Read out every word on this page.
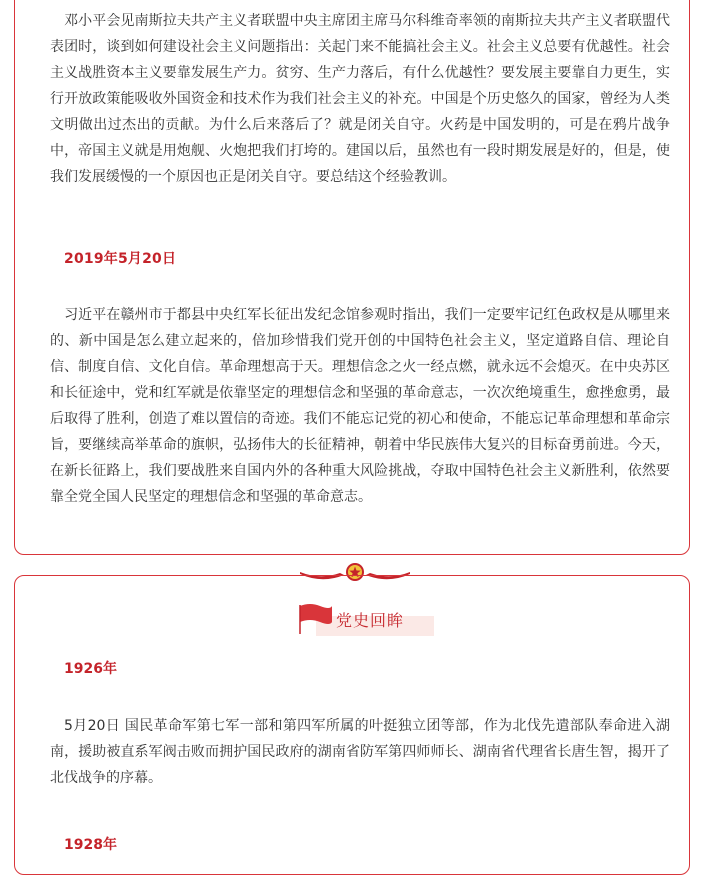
邓小平会见南斯拉夫共产主义者联盟中央主席团主席马尔科维奇率领的南斯拉夫共产主义者联盟代表团时，谈到如何建设社会主义问题指出：关起门来不能搞社会主义。社会主义总要有优越性。社会主义战胜资本主义要靠发展生产力。贫穷、生产力落后，有什么优越性？要发展主要靠自力更生，实行开放政策能吸收外国资金和技术作为我们社会主义的补充。中国是个历史悠久的国家，曾经为人类文明做出过杰出的贡献。为什么后来落后了？就是闭关自守。火药是中国发明的，可是在鸦片战争中，帝国主义就是用炮舰、火炮把我们打垮的。建国以后，虽然也有一段时期发展是好的，但是，使我们发展缓慢的一个原因也正是闭关自守。要总结这个经验教训。

2019年5月20日

习近平在赣州市于都县中央红军长征出发纪念馆参观时指出，我们一定要牢记红色政权是从哪里来的、新中国是怎么建立起来的，倍加珍惜我们党开创的中国特色社会主义，坚定道路自信、理论自信、制度自信、文化自信。革命理想高于天。理想信念之火一经点燃，就永远不会熄灭。在中央苏区和长征途中，党和红军就是依靠坚定的理想信念和坚强的革命意志，一次次绝境重生，愈挫愈勇，最后取得了胜利，创造了难以置信的奇迹。我们不能忘记党的初心和使命，不能忘记革命理想和革命宗旨，要继续高举革命的旗帜，弘扬伟大的长征精神，朝着中华民族伟大复兴的目标奋勇前进。今天，在新长征路上，我们要战胜来自国内外的各种重大风险挑战，夺取中国特色社会主义新胜利，依然要靠全党全国人民坚定的理想信念和坚强的革命意志。

党史回眸
1926年

5月20日 国民革命军第七军一部和第四军所属的叶挺独立团等部，作为北伐先遣部队奉命进入湖南，援助被直系军阀击败而拥护国民政府的湖南省防军第四师师长、湖南省代理省长唐生智，揭开了北伐战争的序幕。

1928年
